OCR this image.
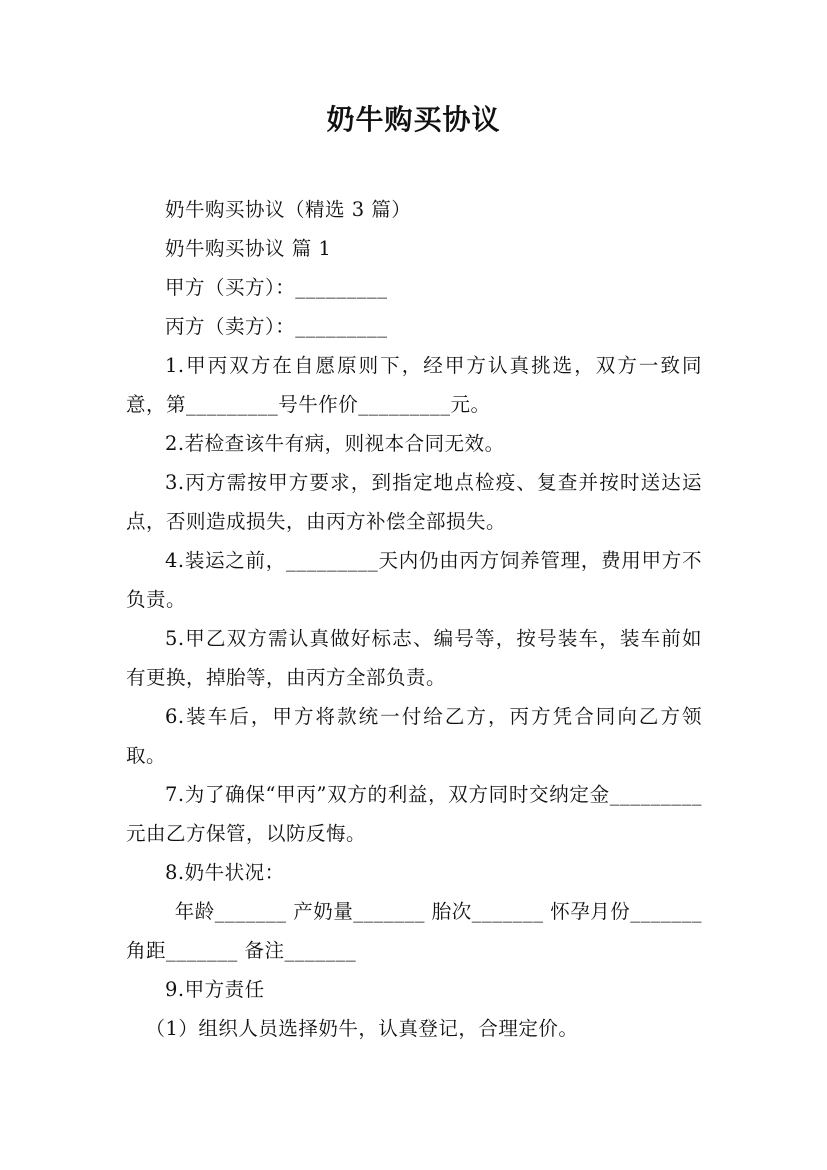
奶牛购买协议

奶牛购买协议（精选 3 篇）

奶牛购买协议 篇 1

甲方（买方）：_________

丙方（卖方）：_________

1.甲丙双方在自愿原则下，经甲方认真挑选，双方一致同意，第_________号牛作价_________元。

2.若检查该牛有病，则视本合同无效。

3.丙方需按甲方要求，到指定地点检疫、复查并按时送达运点，否则造成损失，由丙方补偿全部损失。

4.装运之前，_________天内仍由丙方饲养管理，费用甲方不负责。

5.甲乙双方需认真做好标志、编号等，按号装车，装车前如有更换，掉胎等，由丙方全部负责。

6.装车后，甲方将款统一付给乙方，丙方凭合同向乙方领取。

7.为了确保“甲丙”双方的利益，双方同时交纳定金_________元由乙方保管，以防反悔。

8.奶牛状况：

年龄_______ 产奶量_______ 胎次_______ 怀孕月份_______ 角距_______ 备注_______

9.甲方责任

（1）组织人员选择奶牛，认真登记，合理定价。
